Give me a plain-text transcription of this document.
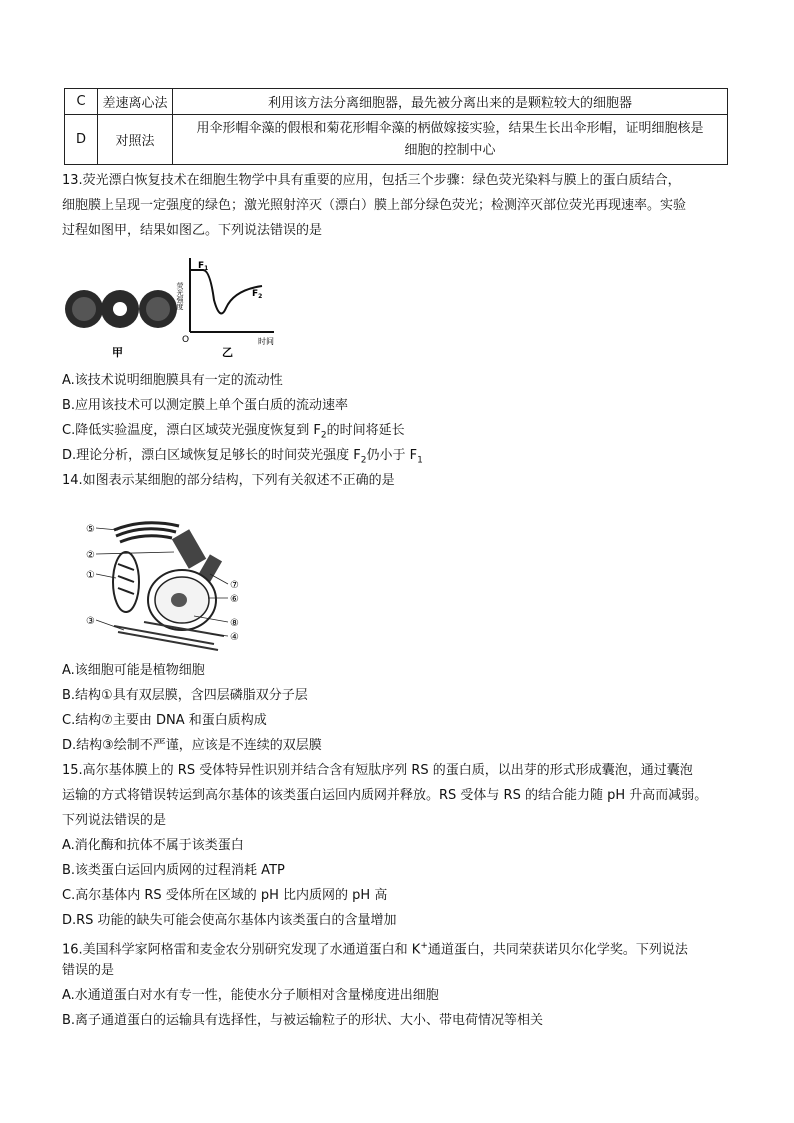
C	差速离心法	利用该方法分离细胞器，最先被分离出来的是颗粒较大的细胞器
D	对照法	用伞形帽伞藻的假根和菊花形帽伞藻的柄做嫁接实验，结果生长出伞形帽，证明细胞核是
细胞的控制中心
13.荧光漂白恢复技术在细胞生物学中具有重要的应用，包括三个步骤：绿色荧光染料与膜上的蛋白质结合，
细胞膜上呈现一定强度的绿色；激光照射淬灭（漂白）膜上部分绿色荧光；检测淬灭部位荧光再现速率。实验
过程如图甲，结果如图乙。下列说法错误的是
甲
荧光强度
O	时间
$F_1$
$F_2$
乙
A.该技术说明细胞膜具有一定的流动性
B.应用该技术可以测定膜上单个蛋白质的流动速率
C.降低实验温度，漂白区域荧光强度恢复到 $F_2$的时间将延长
D.理论分析，漂白区域恢复足够长的时间荧光强度 $F_2$仍小于 $F_1$
14.如图表示某细胞的部分结构，下列有关叙述不正确的是
⑤
②
①
③
⑦
⑥
⑧
④
A.该细胞可能是植物细胞
B.结构①具有双层膜，含四层磷脂双分子层
C.结构⑦主要由 DNA 和蛋白质构成
D.结构③绘制不严谨，应该是不连续的双层膜
15.高尔基体膜上的 RS 受体特异性识别并结合含有短肽序列 RS 的蛋白质，以出芽的形式形成囊泡，通过囊泡
运输的方式将错误转运到高尔基体的该类蛋白运回内质网并释放。RS 受体与 RS 的结合能力随 pH 升高而减弱。
下列说法错误的是
A.消化酶和抗体不属于该类蛋白
B.该类蛋白运回内质网的过程消耗 ATP
C.高尔基体内 RS 受体所在区域的 pH 比内质网的 pH 高
D.RS 功能的缺失可能会使高尔基体内该类蛋白的含量增加
16.美国科学家阿格雷和麦金农分别研究发现了水通道蛋白和 K+通道蛋白，共同荣获诺贝尔化学奖。下列说法
错误的是
A.水通道蛋白对水有专一性，能使水分子顺相对含量梯度进出细胞
B.离子通道蛋白的运输具有选择性，与被运输粒子的形状、大小、带电荷情况等相关
